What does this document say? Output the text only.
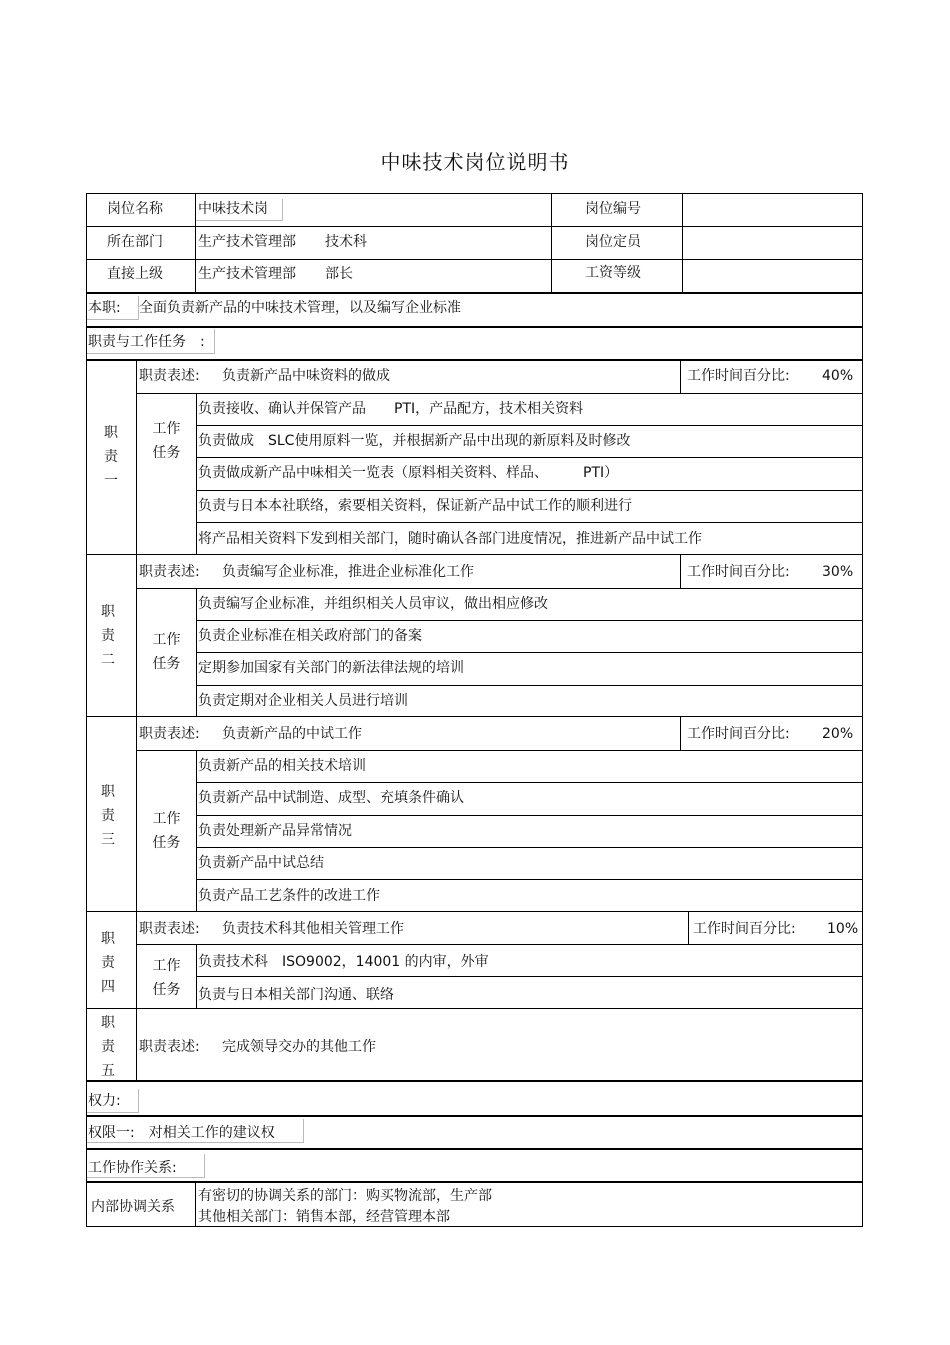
中味技术岗位说明书
岗位名称	中味技术岗	岗位编号
所在部门	生产技术管理部 技术科	岗位定员
直接上级	生产技术管理部 部长	工资等级
本职: 全面负责新产品的中味技术管理，以及编写企业标准
职责与工作任务　:
职
责
一
职责表述: 负责新产品中味资料的做成	工作时间百分比: 40%
工作
任务
负责接收、确认并保管产品　　PTI，产品配方，技术相关资料
负责做成　SLC使用原料一览，并根据新产品中出现的新原料及时修改
负责做成新产品中味相关一览表（原料相关资料、样品、　　　PTI）
负责与日本本社联络，索要相关资料，保证新产品中试工作的顺利进行
将产品相关资料下发到相关部门，随时确认各部门进度情况，推进新产品中试工作
职
责
二
职责表述: 负责编写企业标准，推进企业标准化工作	工作时间百分比: 30%
工作
任务
负责编写企业标准，并组织相关人员审议，做出相应修改
负责企业标准在相关政府部门的备案
定期参加国家有关部门的新法律法规的培训
负责定期对企业相关人员进行培训
职
责
三
职责表述: 负责新产品的中试工作	工作时间百分比: 20%
工作
任务
负责新产品的相关技术培训
负责新产品中试制造、成型、充填条件确认
负责处理新产品异常情况
负责新产品中试总结
负责产品工艺条件的改进工作
职
责
四
职责表述: 负责技术科其他相关管理工作	工作时间百分比: 10%
工作
任务
负责技术科　ISO9002，14001 的内审，外审
负责与日本相关部门沟通、联络
职
责
五
职责表述: 完成领导交办的其他工作
权力:
权限一:　对相关工作的建议权
工作协作关系:
内部协调关系
有密切的协调关系的部门：购买物流部，生产部
其他相关部门：销售本部，经营管理本部
